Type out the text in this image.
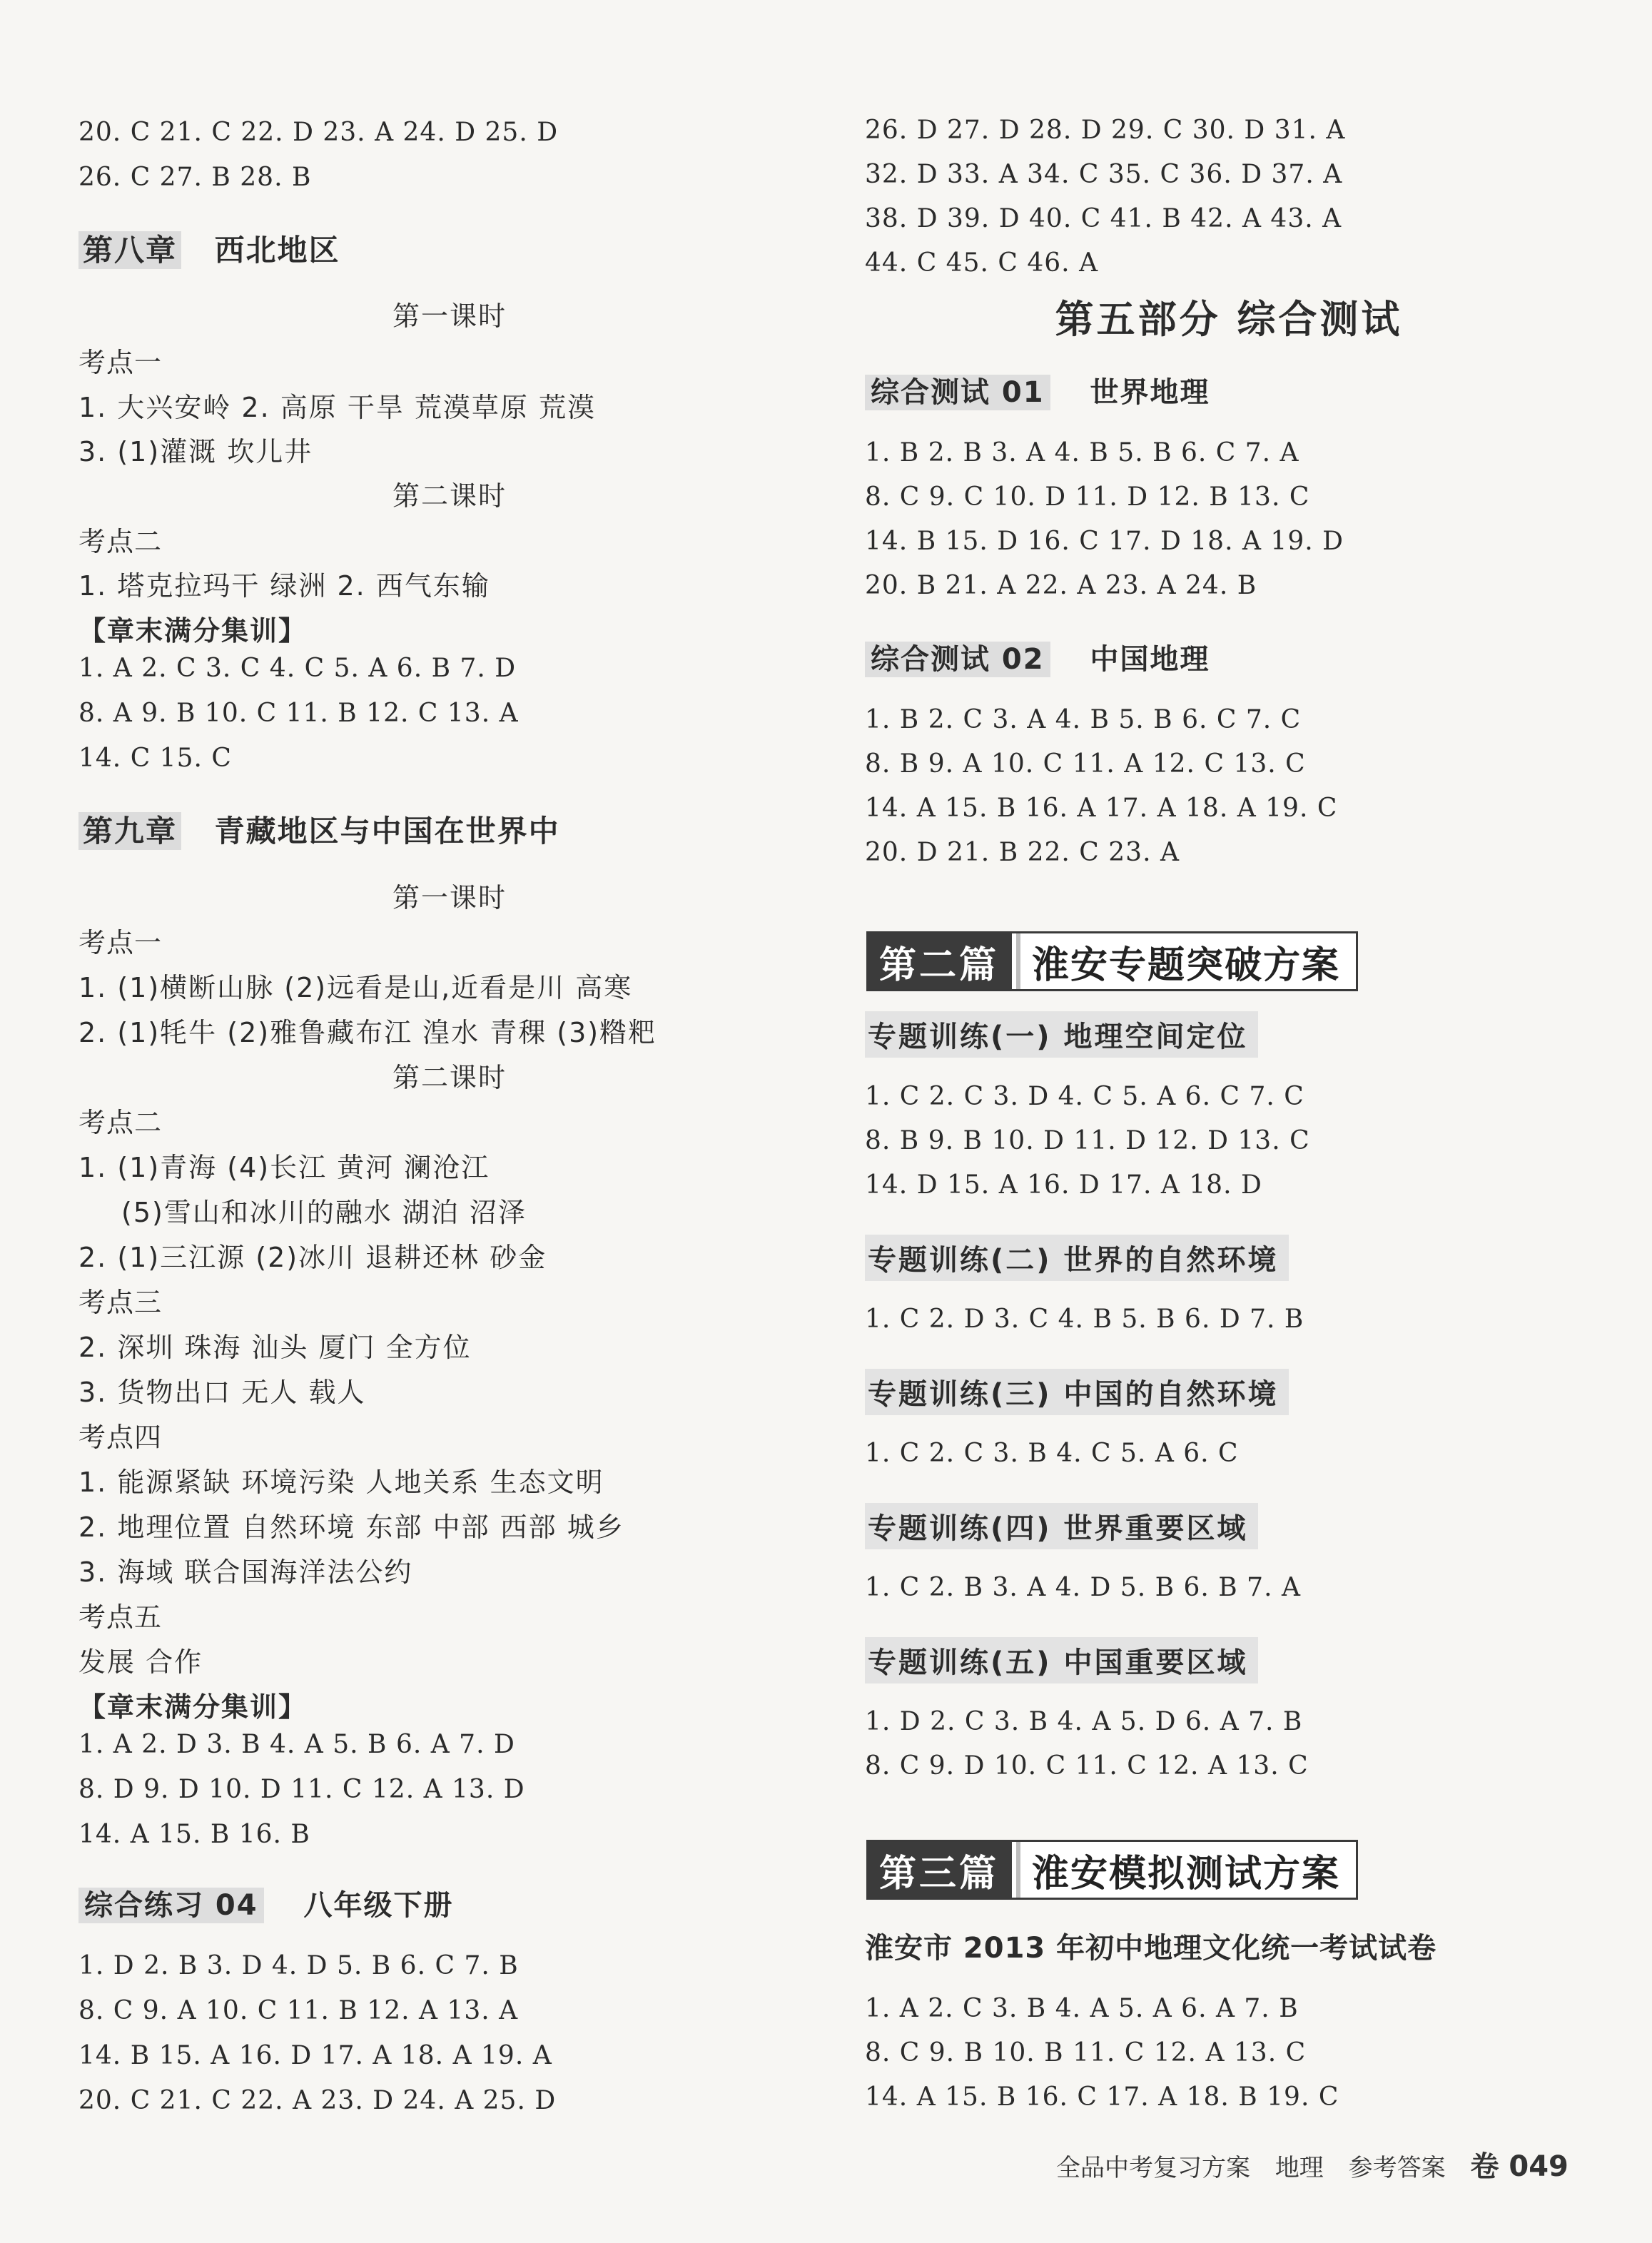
20. C 21. C 22. D 23. A 24. D 25. D
26. C 27. B 28. B
第八章 西北地区
第一课时
考点一
1. 大兴安岭 2. 高原 干旱 荒漠草原 荒漠
3. (1)灌溉 坎儿井
第二课时
考点二
1. 塔克拉玛干 绿洲 2. 西气东输
【章末满分集训】
1. A 2. C 3. C 4. C 5. A 6. B 7. D
8. A 9. B 10. C 11. B 12. C 13. A
14. C 15. C
第九章 青藏地区与中国在世界中
第一课时
考点一
1. (1)横断山脉 (2)远看是山,近看是川 高寒
2. (1)牦牛 (2)雅鲁藏布江 湟水 青稞 (3)糌粑
第二课时
考点二
1. (1)青海 (4)长江 黄河 澜沧江
(5)雪山和冰川的融水 湖泊 沼泽
2. (1)三江源 (2)冰川 退耕还林 砂金
考点三
2. 深圳 珠海 汕头 厦门 全方位
3. 货物出口 无人 载人
考点四
1. 能源紧缺 环境污染 人地关系 生态文明
2. 地理位置 自然环境 东部 中部 西部 城乡
3. 海域 联合国海洋法公约
考点五
发展 合作
【章末满分集训】
1. A 2. D 3. B 4. A 5. B 6. A 7. D
8. D 9. D 10. D 11. C 12. A 13. D
14. A 15. B 16. B
综合练习 04 八年级下册
1. D 2. B 3. D 4. D 5. B 6. C 7. B
8. C 9. A 10. C 11. B 12. A 13. A
14. B 15. A 16. D 17. A 18. A 19. A
20. C 21. C 22. A 23. D 24. A 25. D
26. D 27. D 28. D 29. C 30. D 31. A
32. D 33. A 34. C 35. C 36. D 37. A
38. D 39. D 40. C 41. B 42. A 43. A
44. C 45. C 46. A
第五部分 综合测试
综合测试 01 世界地理
1. B 2. B 3. A 4. B 5. B 6. C 7. A
8. C 9. C 10. D 11. D 12. B 13. C
14. B 15. D 16. C 17. D 18. A 19. D
20. B 21. A 22. A 23. A 24. B
综合测试 02 中国地理
1. B 2. C 3. A 4. B 5. B 6. C 7. C
8. B 9. A 10. C 11. A 12. C 13. C
14. A 15. B 16. A 17. A 18. A 19. C
20. D 21. B 22. C 23. A
第二篇 淮安专题突破方案
专题训练(一) 地理空间定位
1. C 2. C 3. D 4. C 5. A 6. C 7. C
8. B 9. B 10. D 11. D 12. D 13. C
14. D 15. A 16. D 17. A 18. D
专题训练(二) 世界的自然环境
1. C 2. D 3. C 4. B 5. B 6. D 7. B
专题训练(三) 中国的自然环境
1. C 2. C 3. B 4. C 5. A 6. C
专题训练(四) 世界重要区域
1. C 2. B 3. A 4. D 5. B 6. B 7. A
专题训练(五) 中国重要区域
1. D 2. C 3. B 4. A 5. D 6. A 7. B
8. C 9. D 10. C 11. C 12. A 13. C
第三篇 淮安模拟测试方案
淮安市 2013 年初中地理文化统一考试试卷
1. A 2. C 3. B 4. A 5. A 6. A 7. B
8. C 9. B 10. B 11. C 12. A 13. C
14. A 15. B 16. C 17. A 18. B 19. C
全品中考复习方案 地理 参考答案 卷 049
